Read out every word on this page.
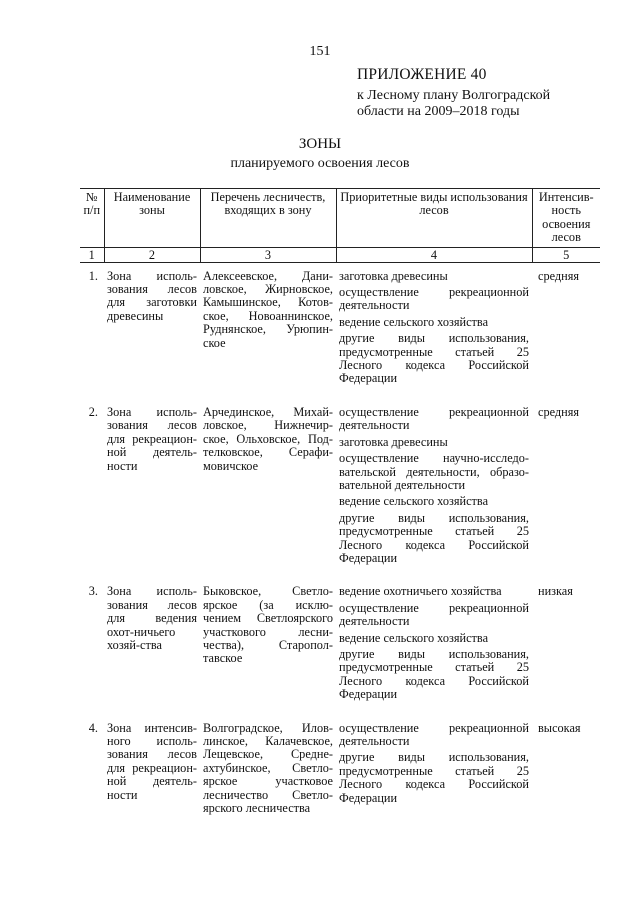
151
ПРИЛОЖЕНИЕ 40
к Лесному плану Волгоградской области на 2009–2018 годы
ЗОНЫ
планируемого освоения лесов
№ п/п	Наименование зоны	Перечень лесничеств, входящих в зону	Приоритетные виды использования лесов	Интенсив-ность освоения лесов
1	2	3	4	5
1.	Зона исполь-зования лесов для заготовки древесины	Алексеевское, Дани-ловское, Жирновское, Камышинское, Котов-ское, Новоаннинское, Руднянское, Урюпин-ское	заготовка древесины
осуществление рекреационной деятельности
ведение сельского хозяйства
другие виды использования, предусмотренные статьей 25 Лесного кодекса Российской Федерации	средняя

2.	Зона исполь-зования лесов для рекреацион-ной деятель-ности	Арчединское, Михай-ловское, Нижнечир-ское, Ольховское, Под-телковское, Серафи-мовичское	осуществление рекреационной деятельности
заготовка древесины
осуществление научно-исследо-вательской деятельности, образо-вательной деятельности
ведение сельского хозяйства
другие виды использования, предусмотренные статьей 25 Лесного кодекса Российской Федерации	средняя

3.	Зона исполь-зования лесов для ведения охот-ничьего хозяй-ства	Быковское, Светло-ярское (за исклю-чением Светлоярского участкового лесни-чества), Старопол-тавское	ведение охотничьего хозяйства
осуществление рекреационной деятельности
ведение сельского хозяйства
другие виды использования, предусмотренные статьей 25 Лесного кодекса Российской Федерации	низкая

4.	Зона интенсив-ного исполь-зования лесов для рекреацион-ной деятель-ности	Волгоградское, Илов-линское, Калачевское, Лещевское, Средне-ахтубинское, Светло-ярское участковое лесничество Светло-ярского лесничества	осуществление рекреационной деятельности
другие виды использования, предусмотренные статьей 25 Лесного кодекса Российской Федерации	высокая
